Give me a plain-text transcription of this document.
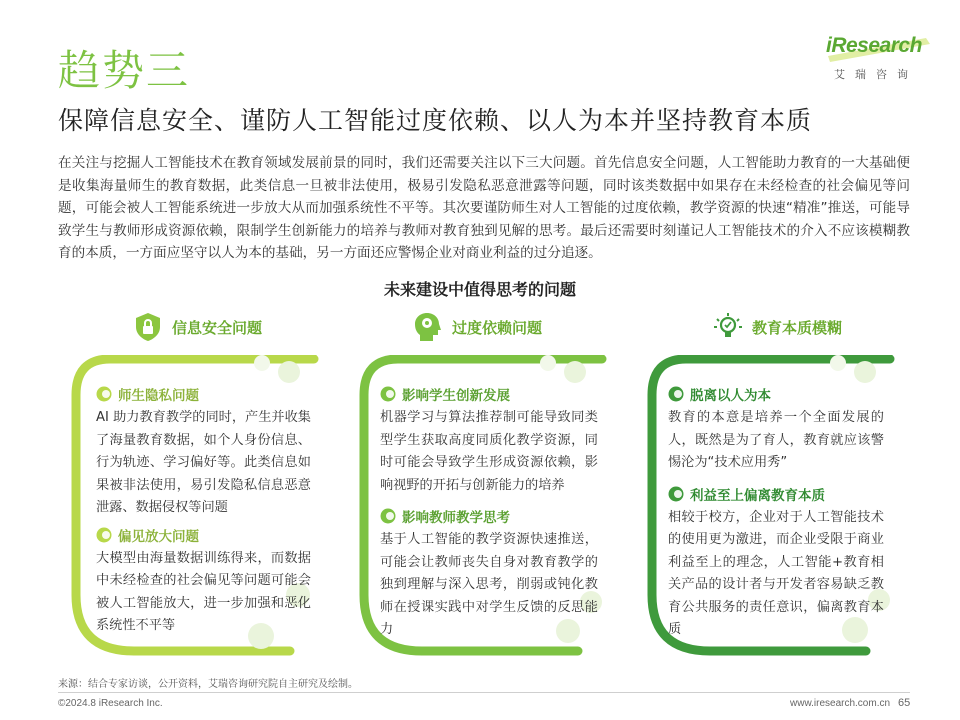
趋势三
保障信息安全、谨防人工智能过度依赖、以人为本并坚持教育本质
iResearch
艾瑞咨询
在关注与挖掘人工智能技术在教育领域发展前景的同时，我们还需要关注以下三大问题。首先信息安全问题，人工智能助力教育的一大基础便是收集海量师生的教育数据，此类信息一旦被非法使用，极易引发隐私恶意泄露等问题，同时该类数据中如果存在未经检查的社会偏见等问题，可能会被人工智能系统进一步放大从而加强系统性不平等。其次要谨防师生对人工智能的过度依赖，教学资源的快速“精准”推送，可能导致学生与教师形成资源依赖，限制学生创新能力的培养与教师对教育独到见解的思考。最后还需要时刻谨记人工智能技术的介入不应该模糊教育的本质，一方面应坚守以人为本的基础，另一方面还应警惕企业对商业利益的过分追逐。
未来建设中值得思考的问题
信息安全问题	过度依赖问题	教育本质模糊
师生隐私问题
AI 助力教育教学的同时，产生并收集了海量教育数据，如个人身份信息、行为轨迹、学习偏好等。此类信息如果被非法使用，易引发隐私信息恶意泄露、数据侵权等问题
偏见放大问题
大模型由海量数据训练得来，而数据中未经检查的社会偏见等问题可能会被人工智能放大，进一步加强和恶化系统性不平等
影响学生创新发展
机器学习与算法推荐制可能导致同类型学生获取高度同质化教学资源，同时可能会导致学生形成资源依赖，影响视野的开拓与创新能力的培养
影响教师教学思考
基于人工智能的教学资源快速推送，可能会让教师丧失自身对教育教学的独到理解与深入思考，削弱或钝化教师在授课实践中对学生反馈的反思能力
脱离以人为本
教育的本意是培养一个全面发展的人，既然是为了育人，教育就应该警惕沦为“技术应用秀”
利益至上偏离教育本质
相较于校方，企业对于人工智能技术的使用更为激进，而企业受限于商业利益至上的理念，人工智能+教育相关产品的设计者与开发者容易缺乏教育公共服务的责任意识，偏离教育本质
来源：结合专家访谈，公开资料，艾瑞咨询研究院自主研究及绘制。
©2024.8 iResearch Inc.	www.iresearch.com.cn 65
